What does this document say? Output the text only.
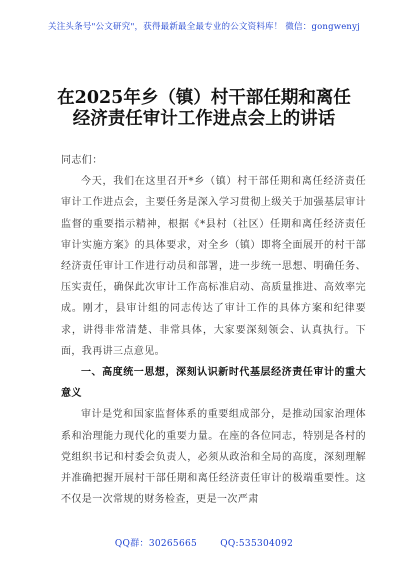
关注头条号"公文研究"，获得最新最全最专业的公文资料库！ 微信：gongwenyj
在2025年乡（镇）村干部任期和离任
经济责任审计工作进点会上的讲话

同志们：

今天，我们在这里召开*乡（镇）村干部任期和离任经济责任审计工作进点会，主要任务是深入学习贯彻上级关于加强基层审计监督的重要指示精神，根据《*县村（社区）任期和离任经济责任审计实施方案》的具体要求，对全乡（镇）即将全面展开的村干部经济责任审计工作进行动员和部署，进一步统一思想、明确任务、压实责任，确保此次审计工作高标准启动、高质量推进、高效率完成。刚才，县审计组的同志传达了审计工作的具体方案和纪律要求，讲得非常清楚、非常具体，大家要深刻领会、认真执行。下面，我再讲三点意见。

一、高度统一思想，深刻认识新时代基层经济责任审计的重大意义

审计是党和国家监督体系的重要组成部分，是推动国家治理体系和治理能力现代化的重要力量。在座的各位同志，特别是各村的党组织书记和村委会负责人，必须从政治和全局的高度，深刻理解并准确把握开展村干部任期和离任经济责任审计的极端重要性。这不仅是一次常规的财务检查，更是一次严肃

QQ群：30265665	QQ:535304092
